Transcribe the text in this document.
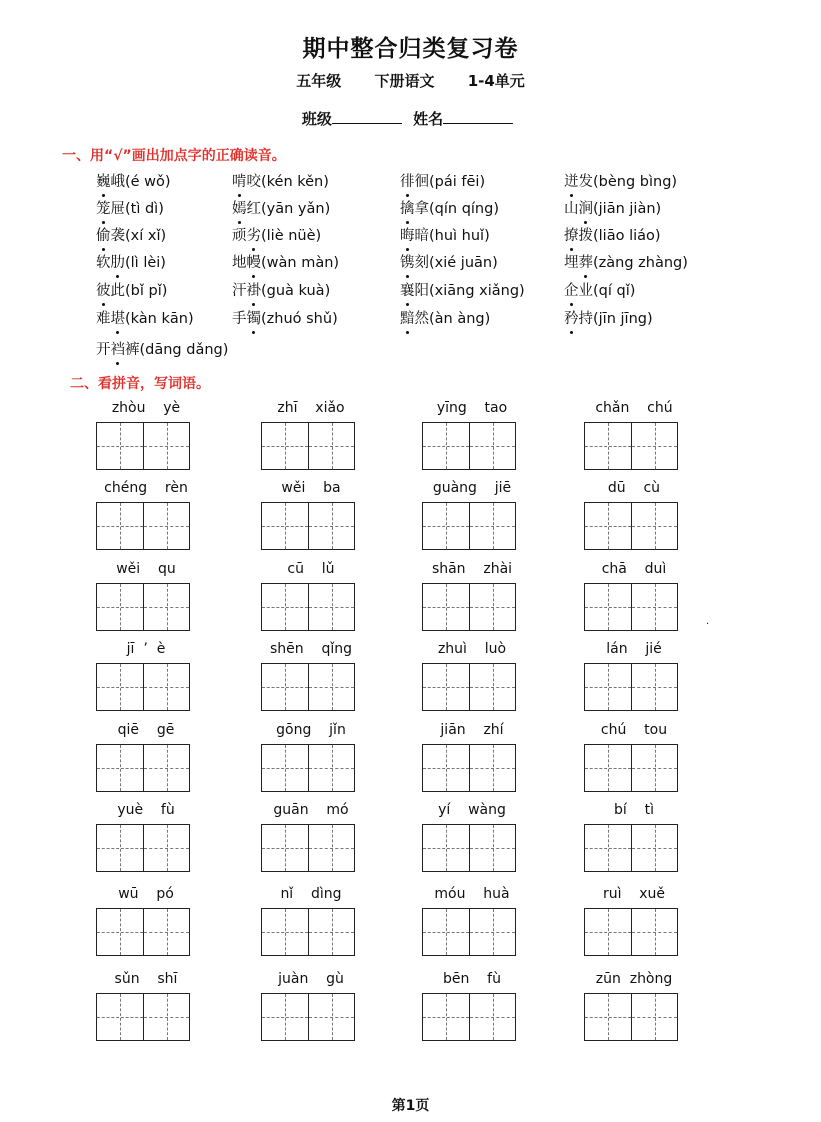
期中整合归类复习卷
五年级 下册语文 1-4单元
班级	姓名
一、用“√”画出加点字的正确读音。
巍峨(é wǒ)	啃咬(kén kěn)	徘徊(pái fēi)	迸发(bèng bìng)
笼屉(tì dì)	嫣红(yān yǎn)	擒拿(qín qíng)	山涧(jiān jiàn)
偷袭(xí xǐ)	顽劣(liè nüè)	晦暗(huì huǐ)	撩拨(liāo liáo)
软肋(lì lèi)	地幔(wàn màn)	镌刻(xié juān)	埋葬(zàng zhàng)
彼此(bǐ pǐ)	汗褂(guà kuà)	襄阳(xiāng xiǎng)	企业(qí qǐ)
难堪(kàn kān)	手镯(zhuó shǔ)	黯然(àn àng)	矜持(jīn jīng)
开裆裤(dāng dǎng)
二、看拼音，写词语。
zhòu    yè	zhī    xiǎo	yīng    tao	chǎn    chú
chéng    rèn	wěi    ba	guàng    jiē	dū    cù
wěi    qu	cū    lǔ	shān    zhài	chā    duì
jī  ’  è	shēn    qǐng	zhuì    luò	lán    jié
qiē    gē	gōng    jǐn	jiān    zhí	chú    tou
yuè    fù	guān    mó	yí    wàng	bí    tì
wū    pó	nǐ    dìng	móu    huà	ruì    xuě
sǔn    shī	juàn    gù	bēn    fù	zūn  zhòng
.
第1页
